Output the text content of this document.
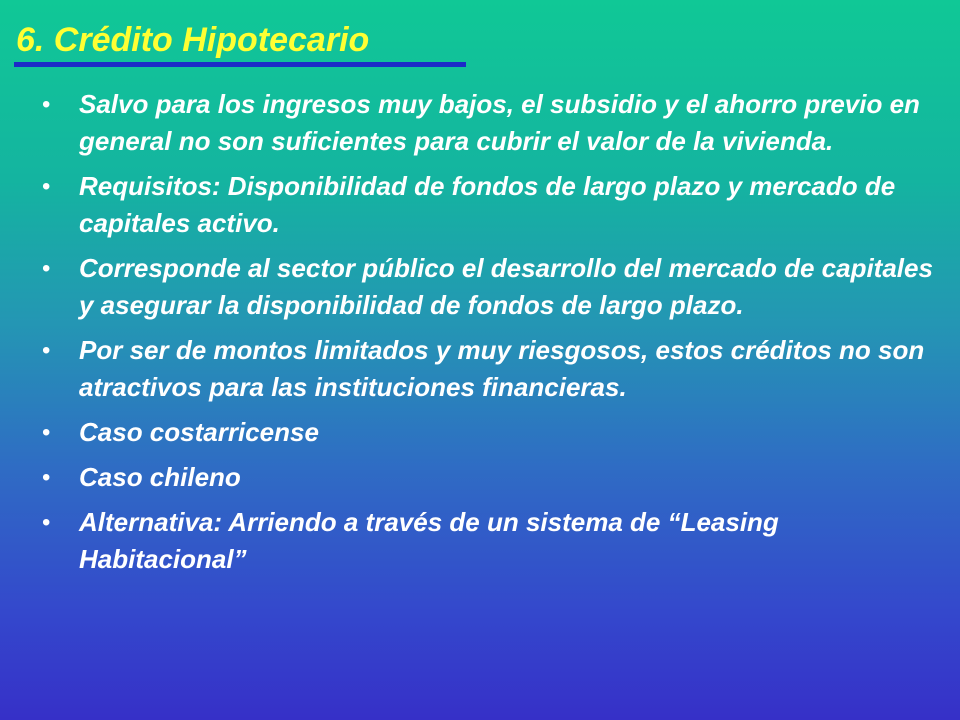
6. Crédito Hipotecario
• Salvo para los ingresos muy bajos, el subsidio y el ahorro previo en general no son suficientes para cubrir el valor de la vivienda.
• Requisitos: Disponibilidad de fondos de largo plazo y mercado de capitales activo.
• Corresponde al sector público el desarrollo del mercado de capitales y asegurar la disponibilidad de fondos de largo plazo.
• Por ser de montos limitados y muy riesgosos, estos créditos no son atractivos para las instituciones financieras.
• Caso costarricense
• Caso chileno
• Alternativa: Arriendo a través de un sistema de “Leasing Habitacional”
